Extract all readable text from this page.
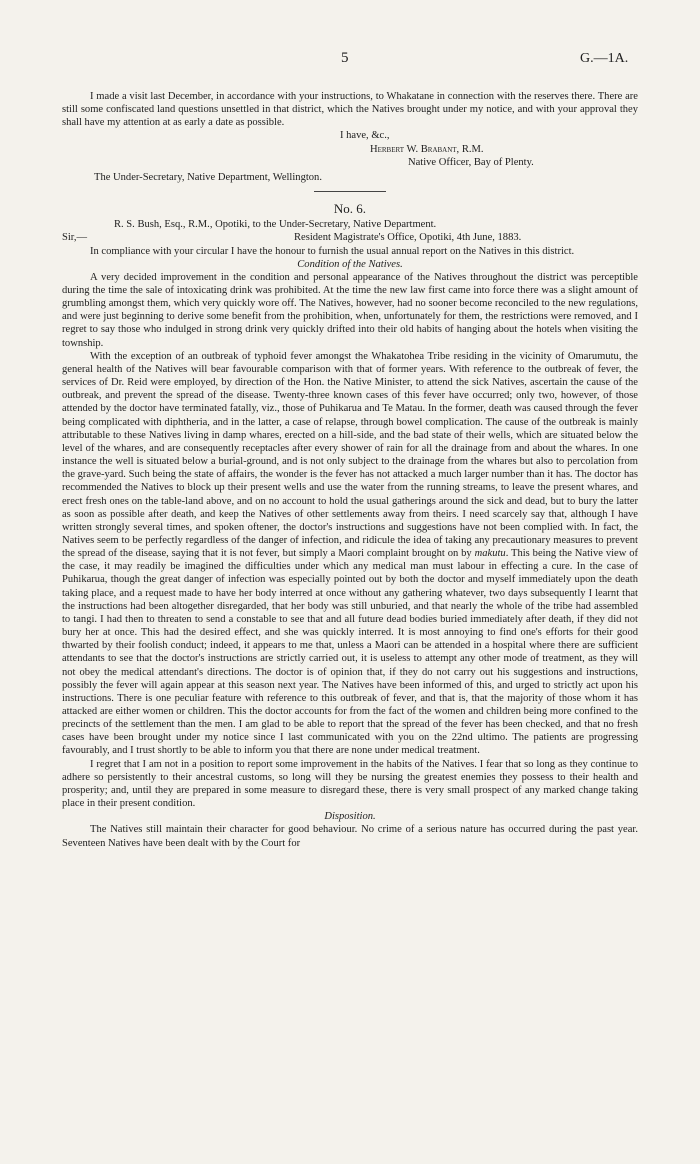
5	G.—1A.

I made a visit last December, in accordance with your instructions, to Whakatane in connection with the reserves there. There are still some confiscated land questions unsettled in that district, which the Natives brought under my notice, and with your approval they shall have my attention at as early a date as possible.

I have, &c.,

Herbert W. Brabant, R.M.

Native Officer, Bay of Plenty.

The Under-Secretary, Native Department, Wellington.

No. 6.

R. S. Bush, Esq., R.M., Opotiki, to the Under-Secretary, Native Department.

Sir,—	Resident Magistrate's Office, Opotiki, 4th June, 1883.

In compliance with your circular I have the honour to furnish the usual annual report on the Natives in this district.

Condition of the Natives.

A very decided improvement in the condition and personal appearance of the Natives throughout the district was perceptible during the time the sale of intoxicating drink was prohibited. At the time the new law first came into force there was a slight amount of grumbling amongst them, which very quickly wore off. The Natives, however, had no sooner become reconciled to the new regulations, and were just beginning to derive some benefit from the prohibition, when, unfortunately for them, the restrictions were removed, and I regret to say those who indulged in strong drink very quickly drifted into their old habits of hanging about the hotels when visiting the township.

With the exception of an outbreak of typhoid fever amongst the Whakatohea Tribe residing in the vicinity of Omarumutu, the general health of the Natives will bear favourable comparison with that of former years. With reference to the outbreak of fever, the services of Dr. Reid were employed, by direction of the Hon. the Native Minister, to attend the sick Natives, ascertain the cause of the outbreak, and prevent the spread of the disease. Twenty-three known cases of this fever have occurred; only two, however, of those attended by the doctor have terminated fatally, viz., those of Puhikarua and Te Matau. In the former, death was caused through the fever being complicated with diphtheria, and in the latter, a case of relapse, through bowel complication. The cause of the outbreak is mainly attributable to these Natives living in damp whares, erected on a hill-side, and the bad state of their wells, which are situated below the level of the whares, and are consequently receptacles after every shower of rain for all the drainage from and about the whares. In one instance the well is situated below a burial-ground, and is not only subject to the drainage from the whares but also to percolation from the grave-yard. Such being the state of affairs, the wonder is the fever has not attacked a much larger number than it has. The doctor has recommended the Natives to block up their present wells and use the water from the running streams, to leave the present whares, and erect fresh ones on the table-land above, and on no account to hold the usual gatherings around the sick and dead, but to bury the latter as soon as possible after death, and keep the Natives of other settlements away from theirs. I need scarcely say that, although I have written strongly several times, and spoken oftener, the doctor's instructions and suggestions have not been complied with. In fact, the Natives seem to be perfectly regardless of the danger of infection, and ridicule the idea of taking any precautionary measures to prevent the spread of the disease, saying that it is not fever, but simply a Maori complaint brought on by makutu. This being the Native view of the case, it may readily be imagined the difficulties under which any medical man must labour in effecting a cure. In the case of Puhikarua, though the great danger of infection was especially pointed out by both the doctor and myself immediately upon the death taking place, and a request made to have her body interred at once without any gathering whatever, two days subsequently I learnt that the instructions had been altogether disregarded, that her body was still unburied, and that nearly the whole of the tribe had assembled to tangi. I had then to threaten to send a constable to see that and all future dead bodies buried immediately after death, if they did not bury her at once. This had the desired effect, and she was quickly interred. It is most annoying to find one's efforts for their good thwarted by their foolish conduct; indeed, it appears to me that, unless a Maori can be attended in a hospital where there are sufficient attendants to see that the doctor's instructions are strictly carried out, it is useless to attempt any other mode of treatment, as they will not obey the medical attendant's directions. The doctor is of opinion that, if they do not carry out his suggestions and instructions, possibly the fever will again appear at this season next year. The Natives have been informed of this, and urged to strictly act upon his instructions. There is one peculiar feature with reference to this outbreak of fever, and that is, that the majority of those whom it has attacked are either women or children. This the doctor accounts for from the fact of the women and children being more confined to the precincts of the settlement than the men. I am glad to be able to report that the spread of the fever has been checked, and that no fresh cases have been brought under my notice since I last communicated with you on the 22nd ultimo. The patients are progressing favourably, and I trust shortly to be able to inform you that there are none under medical treatment.

I regret that I am not in a position to report some improvement in the habits of the Natives. I fear that so long as they continue to adhere so persistently to their ancestral customs, so long will they be nursing the greatest enemies they possess to their health and prosperity; and, until they are prepared in some measure to disregard these, there is very small prospect of any marked change taking place in their present condition.

Disposition.

The Natives still maintain their character for good behaviour. No crime of a serious nature has occurred during the past year. Seventeen Natives have been dealt with by the Court for
